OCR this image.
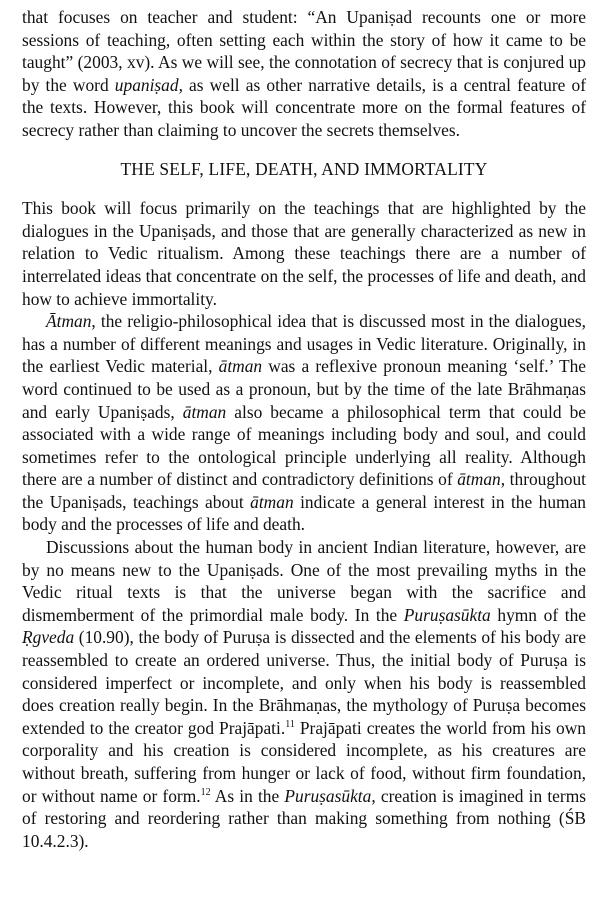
that focuses on teacher and student: “An Upaniṣad recounts one or more sessions of teaching, often setting each within the story of how it came to be taught” (2003, xv). As we will see, the connotation of secrecy that is conjured up by the word upaniṣad, as well as other narrative details, is a central feature of the texts. However, this book will concentrate more on the formal features of secrecy rather than claiming to uncover the secrets themselves.

THE SELF, LIFE, DEATH, AND IMMORTALITY

This book will focus primarily on the teachings that are highlighted by the dialogues in the Upaniṣads, and those that are generally characterized as new in relation to Vedic ritualism. Among these teachings there are a number of interrelated ideas that concentrate on the self, the processes of life and death, and how to achieve immortality.

Ātman, the religio-philosophical idea that is discussed most in the dialogues, has a number of different meanings and usages in Vedic literature. Originally, in the earliest Vedic material, ātman was a reflexive pronoun meaning ‘self.’ The word continued to be used as a pronoun, but by the time of the late Brāhmaṇas and early Upaniṣads, ātman also became a philosophical term that could be associated with a wide range of meanings including body and soul, and could sometimes refer to the ontological principle underlying all reality. Although there are a number of distinct and contradictory definitions of ātman, throughout the Upaniṣads, teachings about ātman indicate a general interest in the human body and the processes of life and death.

Discussions about the human body in ancient Indian literature, however, are by no means new to the Upaniṣads. One of the most prevailing myths in the Vedic ritual texts is that the universe began with the sacrifice and dismemberment of the primordial male body. In the Puruṣasūkta hymn of the Ṛgveda (10.90), the body of Puruṣa is dissected and the elements of his body are reassembled to create an ordered universe. Thus, the initial body of Puruṣa is considered imperfect or incomplete, and only when his body is reassembled does creation really begin. In the Brāhmaṇas, the mythology of Puruṣa becomes extended to the creator god Prajāpati.$^{11}$ Prajāpati creates the world from his own corporality and his creation is considered incomplete, as his creatures are without breath, suffering from hunger or lack of food, without firm foundation, or without name or form.$^{12}$ As in the Puruṣasūkta, creation is imagined in terms of restoring and reordering rather than making something from nothing (ŚB 10.4.2.3).
